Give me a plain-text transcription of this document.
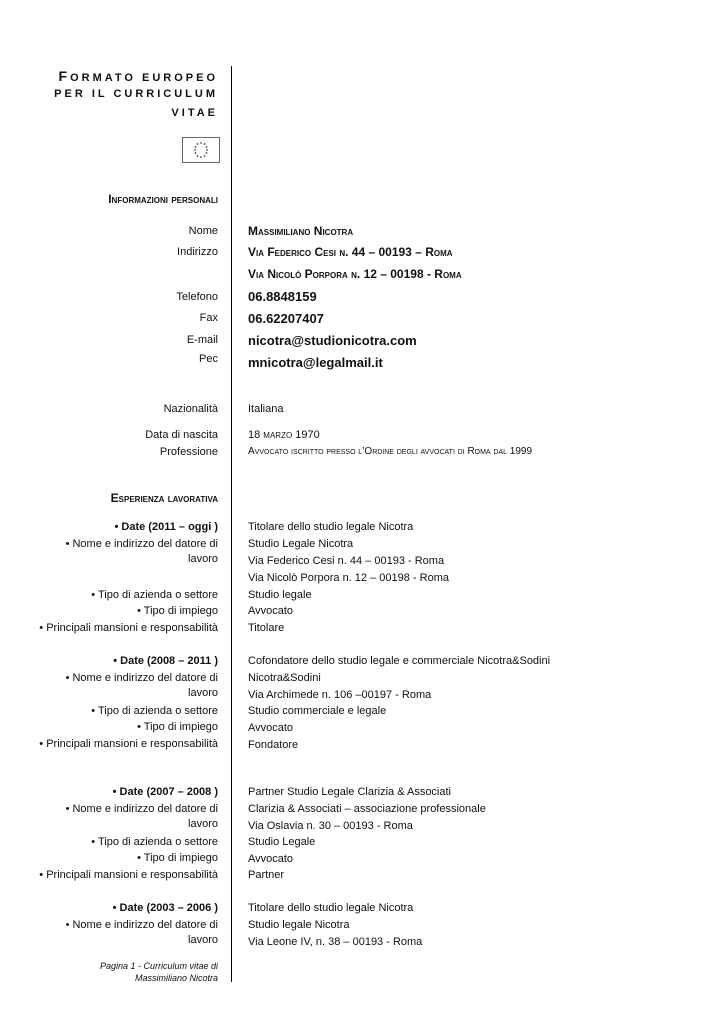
FORMATO EUROPEO
PER IL CURRICULUM
VITAE
Informazioni personali
Nome	Massimiliano Nicotra
Indirizzo	Via Federico Cesi n. 44 – 00193 – Roma
Via Nicolò Porpora n. 12 – 00198 - Roma
Telefono 06.8848159
Fax 06.62207407
E-mail nicotra@studionicotra.com
Pec mnicotra@legalmail.it
Nazionalità	Italiana
Data di nascita	18 marzo 1970
Professione	Avvocato iscritto presso l’Ordine degli avvocati di Roma dal 1999
Esperienza lavorativa
• Date (2011 – oggi )	Titolare dello studio legale Nicotra
• Nome e indirizzo del datore di	Studio Legale Nicotra
lavoro	Via Federico Cesi n. 44 – 00193 - Roma
Via Nicolò Porpora n. 12 – 00198 - Roma
• Tipo di azienda o settore	Studio legale
• Tipo di impiego	Avvocato
• Principali mansioni e responsabilità	Titolare
• Date (2008 – 2011 )	Cofondatore dello studio legale e commerciale Nicotra&Sodini
• Nome e indirizzo del datore di	Nicotra&Sodini
lavoro	Via Archimede n. 106 –00197 - Roma
• Tipo di azienda o settore	Studio commerciale e legale
• Tipo di impiego	Avvocato
• Principali mansioni e responsabilità	Fondatore
• Date (2007 – 2008 )	Partner Studio Legale Clarizia & Associati
• Nome e indirizzo del datore di	Clarizia & Associati – associazione professionale
lavoro	Via Oslavia n. 30 – 00193 - Roma
• Tipo di azienda o settore	Studio Legale
• Tipo di impiego	Avvocato
• Principali mansioni e responsabilità	Partner
• Date (2003 – 2006 )	Titolare dello studio legale Nicotra
• Nome e indirizzo del datore di	Studio legale Nicotra
lavoro	Via Leone IV, n. 38 – 00193 - Roma
Pagina 1 - Curriculum vitae di
Massimiliano Nicotra
